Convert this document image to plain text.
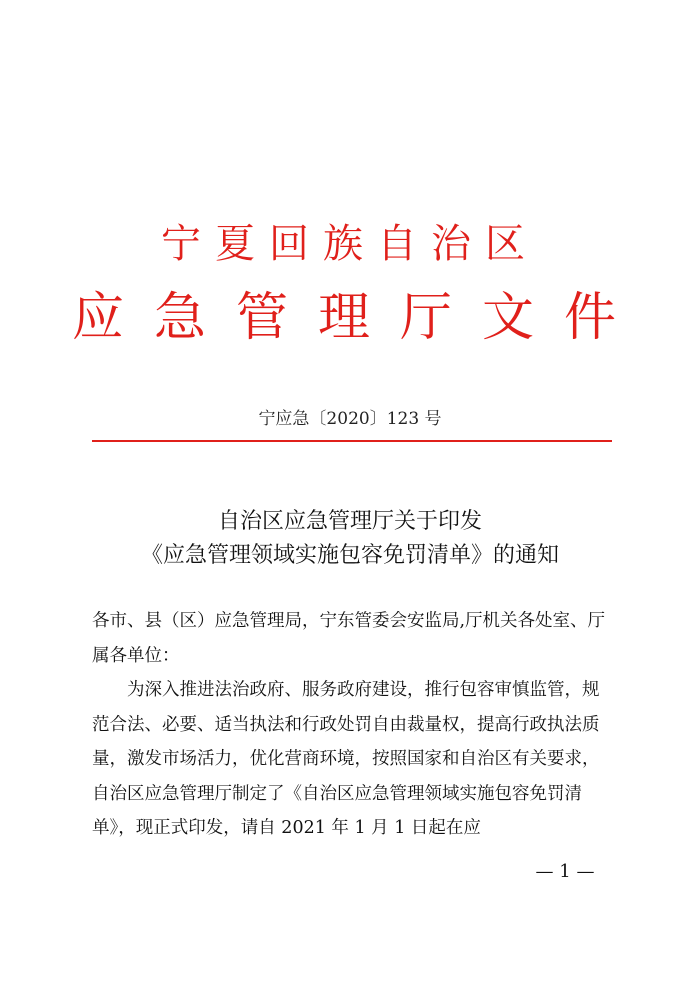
宁夏回族自治区
应急管理厅文件
宁应急〔2020〕123 号
自治区应急管理厅关于印发
《应急管理领域实施包容免罚清单》的通知
各市、县（区）应急管理局，宁东管委会安监局,厅机关各处室、厅属各单位：
为深入推进法治政府、服务政府建设，推行包容审慎监管，规范合法、必要、适当执法和行政处罚自由裁量权，提高行政执法质量，激发市场活力，优化营商环境，按照国家和自治区有关要求，自治区应急管理厅制定了《自治区应急管理领域实施包容免罚清单》，现正式印发，请自 2021 年 1 月 1 日起在应
— 1 —
